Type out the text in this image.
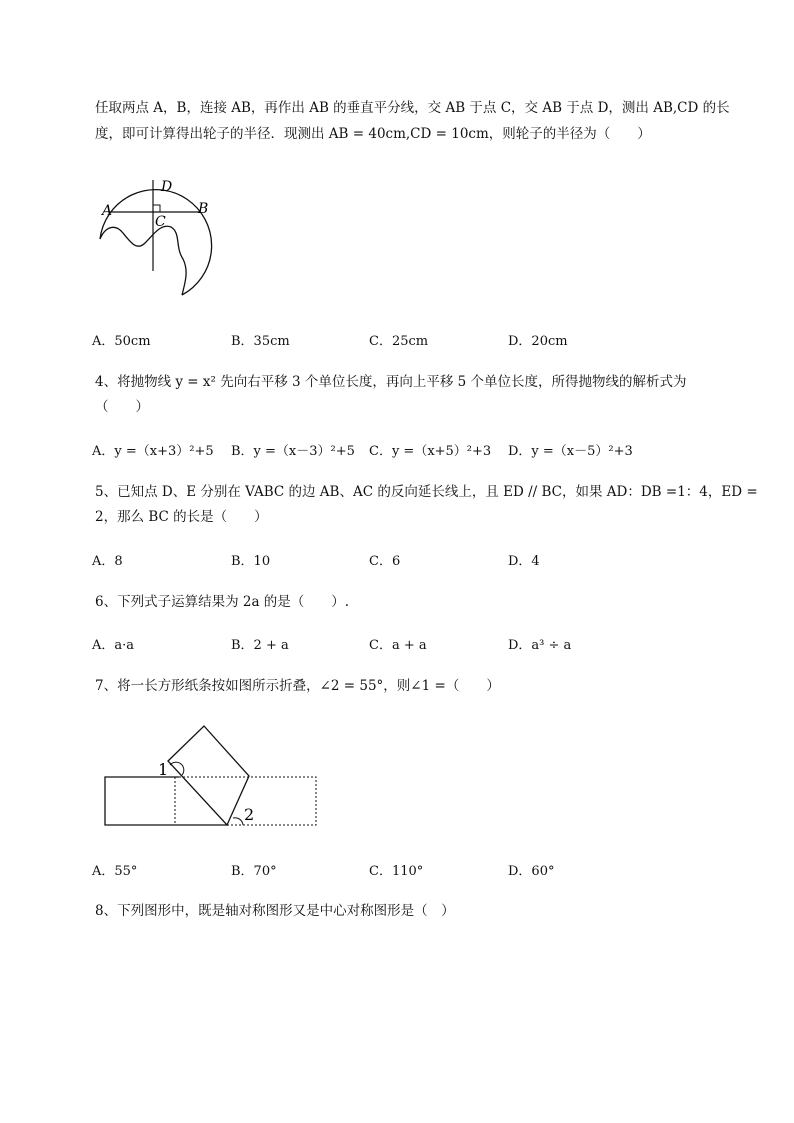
任取两点 A，B，连接 AB，再作出 AB 的垂直平分线，交 AB 于点 C，交 AB 于点 D，测出 AB,CD 的长
度，即可计算得出轮子的半径．现测出 AB = 40cm,CD = 10cm，则轮子的半径为（　　）
A	B
C
D
A．50cm	B．35cm	C．25cm	D．20cm
4、将抛物线 y = x² 先向右平移 3 个单位长度，再向上平移 5 个单位长度，所得抛物线的解析式为
（　　）
A．y =（x+3）²+5 B．y =（x－3）²+5 C．y =（x+5）²+3 D．y =（x－5）²+3
5、已知点 D、E 分别在 VABC 的边 AB、AC 的反向延长线上，且 ED // BC，如果 AD：DB =1：4，ED =
2，那么 BC 的长是（　　）
A．8	B．10	C．6	D．4
6、下列式子运算结果为 2a 的是（　　）.
A．a·a	B．2 + a	C．a + a	D．a³ ÷ a
7、将一长方形纸条按如图所示折叠，∠2 = 55°，则∠1 =（　　）
1
2
A．55°	B．70°	C．110°	D．60°
8、下列图形中，既是轴对称图形又是中心对称图形是（　）
